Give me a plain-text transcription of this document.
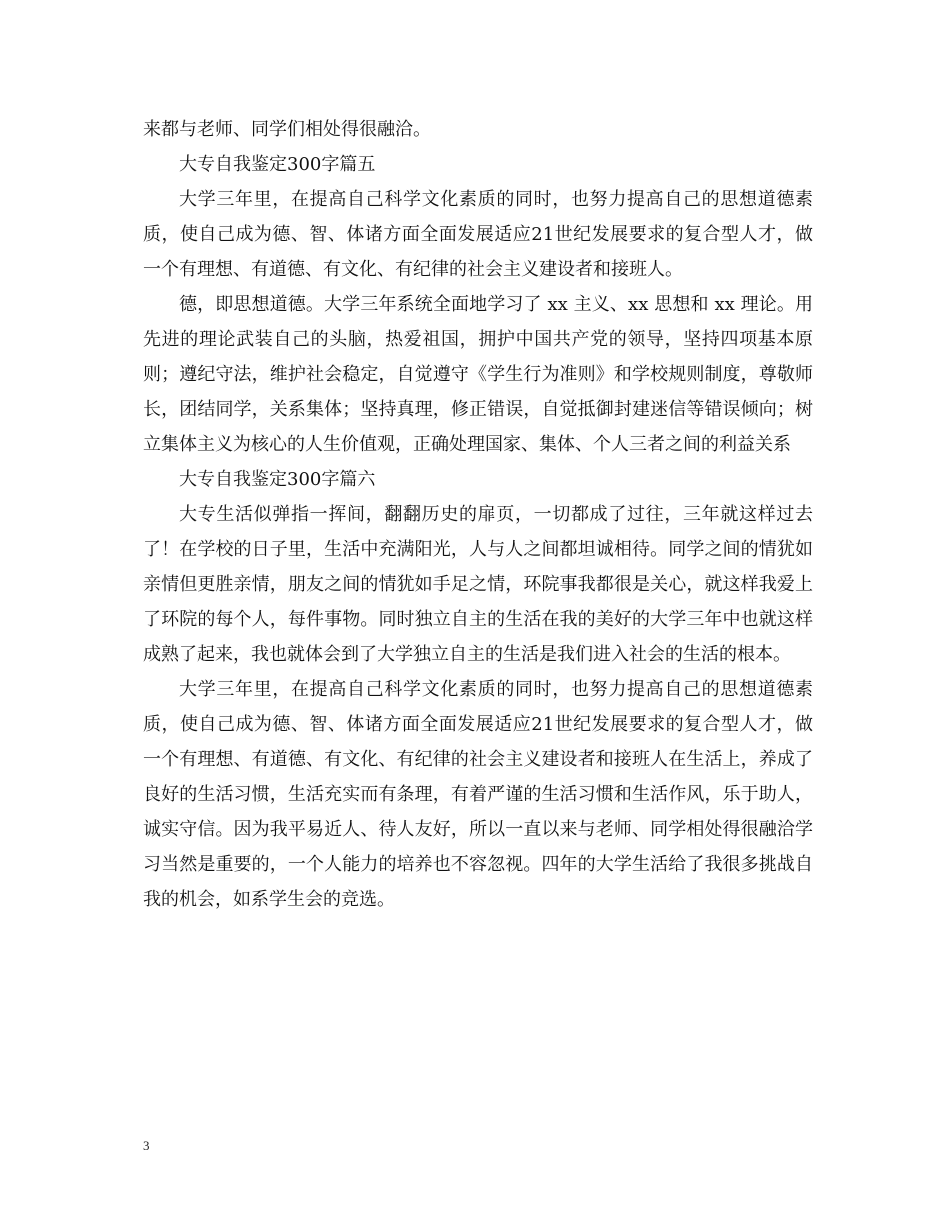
来都与老师、同学们相处得很融洽。

大专自我鉴定300字篇五

大学三年里，在提高自己科学文化素质的同时，也努力提高自己的思想道德素质，使自己成为德、智、体诸方面全面发展适应21世纪发展要求的复合型人才，做一个有理想、有道德、有文化、有纪律的社会主义建设者和接班人。

德，即思想道德。大学三年系统全面地学习了 xx 主义、xx 思想和 xx 理论。用先进的理论武装自己的头脑，热爱祖国，拥护中国共产党的领导，坚持四项基本原则；遵纪守法，维护社会稳定，自觉遵守《学生行为准则》和学校规则制度，尊敬师长，团结同学，关系集体；坚持真理，修正错误，自觉抵御封建迷信等错误倾向；树立集体主义为核心的人生价值观，正确处理国家、集体、个人三者之间的利益关系

大专自我鉴定300字篇六

大专生活似弹指一挥间，翻翻历史的扉页，一切都成了过往，三年就这样过去了！在学校的日子里，生活中充满阳光，人与人之间都坦诚相待。同学之间的情犹如亲情但更胜亲情，朋友之间的情犹如手足之情，环院事我都很是关心，就这样我爱上了环院的每个人，每件事物。同时独立自主的生活在我的美好的大学三年中也就这样成熟了起来，我也就体会到了大学独立自主的生活是我们进入社会的生活的根本。

大学三年里，在提高自己科学文化素质的同时，也努力提高自己的思想道德素质，使自己成为德、智、体诸方面全面发展适应21世纪发展要求的复合型人才，做一个有理想、有道德、有文化、有纪律的社会主义建设者和接班人在生活上，养成了良好的生活习惯，生活充实而有条理，有着严谨的生活习惯和生活作风，乐于助人，诚实守信。因为我平易近人、待人友好，所以一直以来与老师、同学相处得很融洽学习当然是重要的，一个人能力的培养也不容忽视。四年的大学生活给了我很多挑战自我的机会，如系学生会的竞选。

3
